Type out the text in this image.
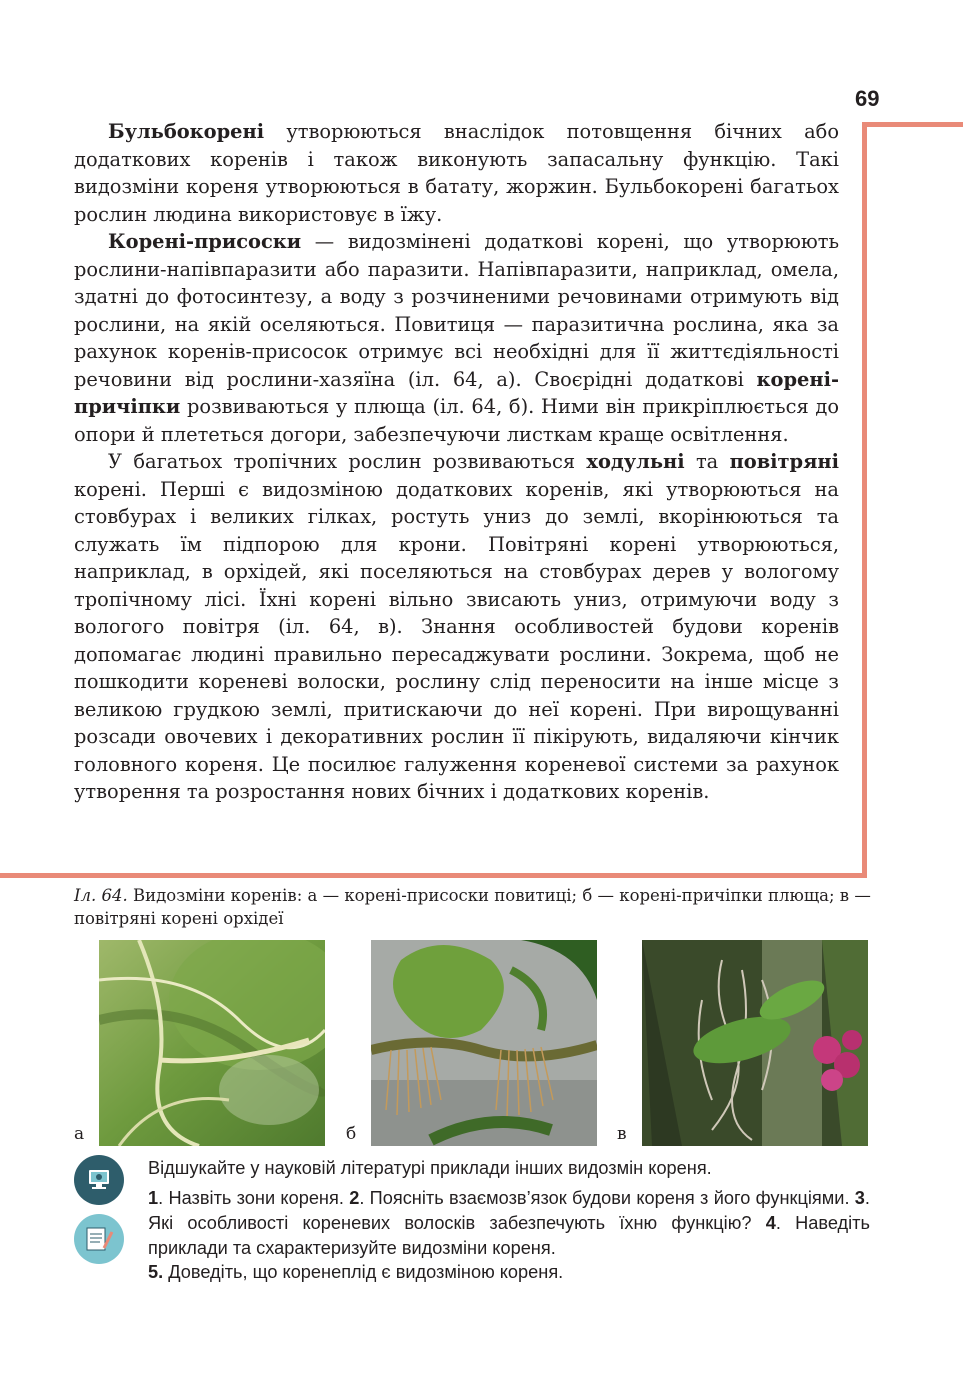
69

Бульбокорені утворюються внаслідок потовщення бічних або додаткових коренів і також виконують запасальну функцію. Такі видозміни кореня утворюються в батату, жоржин. Бульбокорені багатьох рослин людина використовує в їжу.

Корені-присоски — видозмінені додаткові корені, що утворюють рослини-напівпаразити або паразити. Напівпаразити, наприклад, омела, здатні до фотосинтезу, а воду з розчиненими речовинами отримують від рослини, на якій оселяються. Повитиця — паразитична рослина, яка за рахунок коренів-присосок отримує всі необхідні для її життєдіяльності речовини від рослини-хазяїна (іл. 64, а). Своєрідні додаткові корені-причіпки розвиваються у плюща (іл. 64, б). Ними він прикріплюється до опори й плететься догори, забезпечуючи листкам краще освітлення.

У багатьох тропічних рослин розвиваються ходульні та повітряні корені. Перші є видозміною додаткових коренів, які утворюються на стовбурах і великих гілках, ростуть униз до землі, вкорінюються та служать їм підпорою для крони. Повітряні корені утворюються, наприклад, в орхідей, які поселяються на стовбурах дерев у вологому тропічному лісі. Їхні корені вільно звисають униз, отримуючи воду з вологого повітря (іл. 64, в). Знання особливостей будови коренів допомагає людині правильно пересаджувати рослини. Зокрема, щоб не пошкодити кореневі волоски, рослину слід переносити на інше місце з великою грудкою землі, притискаючи до неї корені. При вирощуванні розсади овочевих і декоративних рослин її пікірують, видаляючи кінчик головного кореня. Це посилює галуження кореневої системи за рахунок утворення та розростання нових бічних і додаткових коренів.

Іл. 64. Видозміни коренів: а — корені-присоски повитиці; б — корені-причіпки плюща; в — повітряні корені орхідеї
а	б	в
Відшукайте у науковій літературі приклади інших видозмін кореня.
1. Назвіть зони кореня. 2. Поясніть взаємозв’язок будови кореня з його функціями. 3. Які особливості кореневих волосків забезпечують їхню функцію? 4. Наведіть приклади та схарактеризуйте видозміни кореня.
5. Доведіть, що коренеплід є видозміною кореня.
